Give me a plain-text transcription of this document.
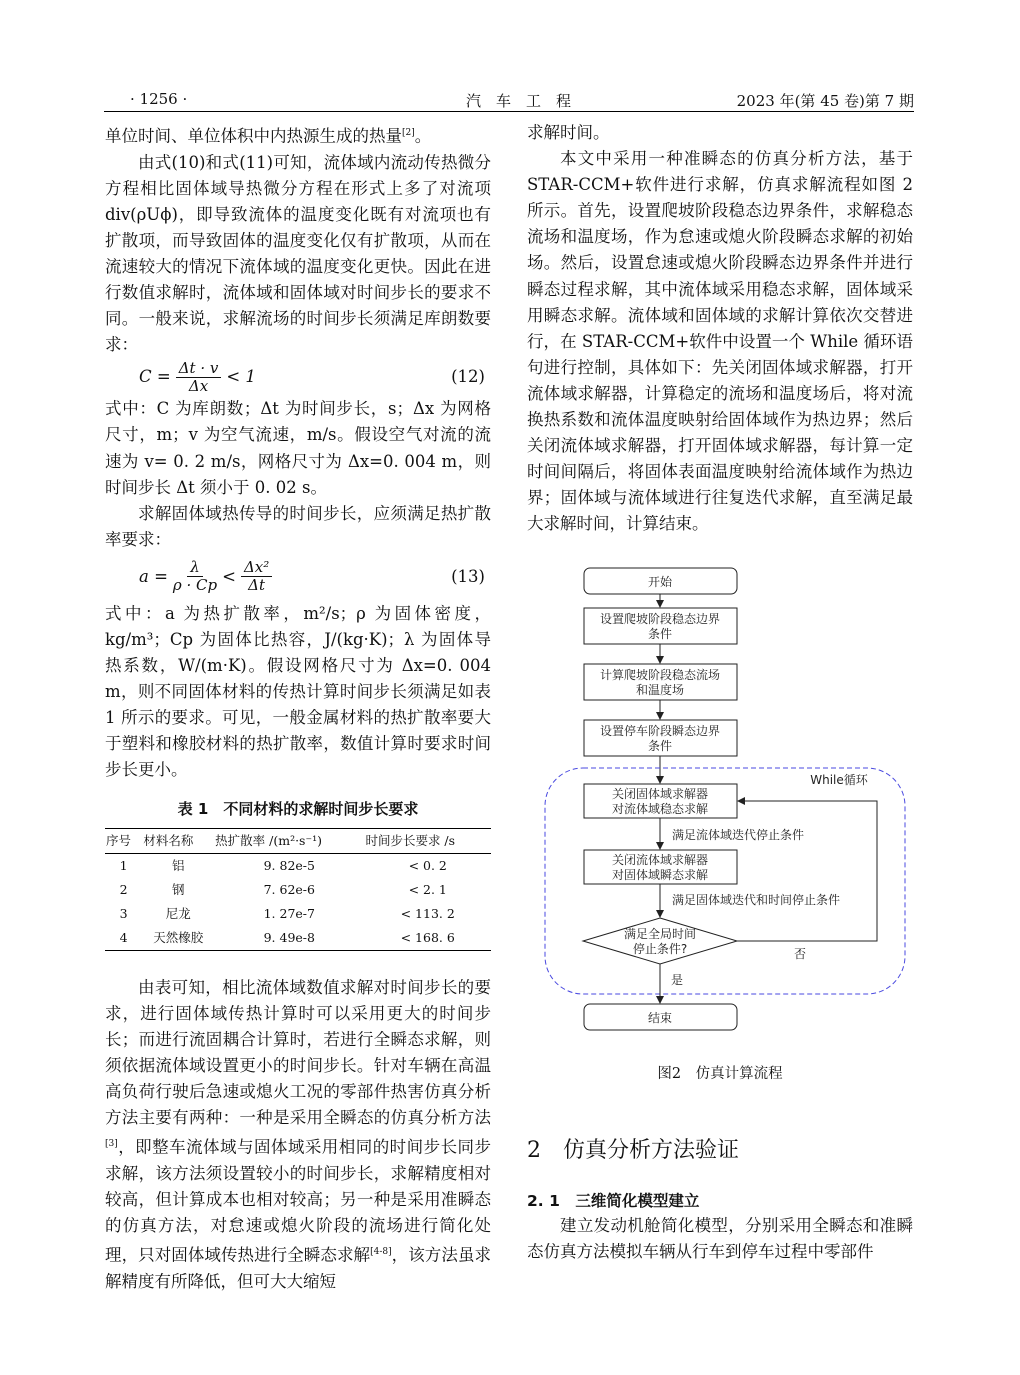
· 1256 ·	汽　车　工　程	2023 年(第 45 卷)第 7 期

单位时间、单位体积中内热源生成的热量[2]。

由式(10)和式(11)可知，流体域内流动传热微分方程相比固体域导热微分方程在形式上多了对流项 div(ρUϕ)，即导致流体的温度变化既有对流项也有扩散项，而导致固体的温度变化仅有扩散项，从而在流速较大的情况下流体域的温度变化更快。因此在进行数值求解时，流体域和固体域对时间步长的要求不同。一般来说，求解流场的时间步长须满足库朗数要求：

$C = \frac{\Delta t \cdot v}{\Delta x} < 1$	(12)

式中：C 为库朗数；Δt 为时间步长，s；Δx 为网格尺寸，m；v 为空气流速，m/s。假设空气对流的流速为 v= 0. 2 m/s，网格尺寸为 Δx=0. 004 m，则时间步长 Δt 须小于 0. 02 s。

求解固体域热传导的时间步长，应须满足热扩散率要求：

$a = \frac{\lambda}{\rho \cdot Cp} < \frac{\text{Δx²}}{\Delta t}$	(13)

式中：a 为热扩散率，m²/s；ρ 为固体密度，kg/m³；Cp 为固体比热容，J/(kg·K)；λ 为固体导热系数，W/(m·K)。假设网格尺寸为 Δx=0. 004 m，则不同固体材料的传热计算时间步长须满足如表 1 所示的要求。可见，一般金属材料的热扩散率要大于塑料和橡胶材料的热扩散率，数值计算时要求时间步长更小。

表 1　不同材料的求解时间步长要求
序号	材料名称	热扩散率 /(m²·s⁻¹)	时间步长要求 /s
1	铝	9. 82e-5	< 0. 2
2	钢	7. 62e-6	< 2. 1
3	尼龙	1. 27e-7	< 113. 2
4	天然橡胶	9. 49e-8	< 168. 6

由表可知，相比流体域数值求解对时间步长的要求，进行固体域传热计算时可以采用更大的时间步长；而进行流固耦合计算时，若进行全瞬态求解，则须依据流体域设置更小的时间步长。针对车辆在高温高负荷行驶后急速或熄火工况的零部件热害仿真分析方法主要有两种：一种是采用全瞬态的仿真分析方法[3]，即整车流体域与固体域采用相同的时间步长同步求解，该方法须设置较小的时间步长，求解精度相对较高，但计算成本也相对较高；另一种是采用准瞬态的仿真方法，对怠速或熄火阶段的流场进行简化处理，只对固体域传热进行全瞬态求解[4-8]，该方法虽求解精度有所降低，但可大大缩短

求解时间。

本文中采用一种准瞬态的仿真分析方法，基于 STAR-CCM+软件进行求解，仿真求解流程如图 2 所示。首先，设置爬坡阶段稳态边界条件，求解稳态流场和温度场，作为怠速或熄火阶段瞬态求解的初始场。然后，设置怠速或熄火阶段瞬态边界条件并进行瞬态过程求解，其中流体域采用稳态求解，固体域采用瞬态求解。流体域和固体域的求解计算依次交替进行，在 STAR-CCM+软件中设置一个 While 循环语句进行控制，具体如下：先关闭固体域求解器，打开流体域求解器，计算稳定的流场和温度场后，将对流换热系数和流体温度映射给固体域作为热边界；然后关闭流体域求解器，打开固体域求解器，每计算一定时间间隔后，将固体表面温度映射给流体域作为热边界；固体域与流体域进行往复迭代求解，直至满足最大求解时间，计算结束。

开始
设置爬坡阶段稳态边界
条件
计算爬坡阶段稳态流场
和温度场
设置停车阶段瞬态边界
条件
While循环
关闭固体域求解器
对流体域稳态求解
满足流体域迭代停止条件
关闭流体域求解器
对固体域瞬态求解
满足固体域迭代和时间停止条件
满足全局时间
停止条件?	否
是
结束
图2　仿真计算流程
2　仿真分析方法验证
2. 1　三维简化模型建立

建立发动机舱简化模型，分别采用全瞬态和准瞬态仿真方法模拟车辆从行车到停车过程中零部件
